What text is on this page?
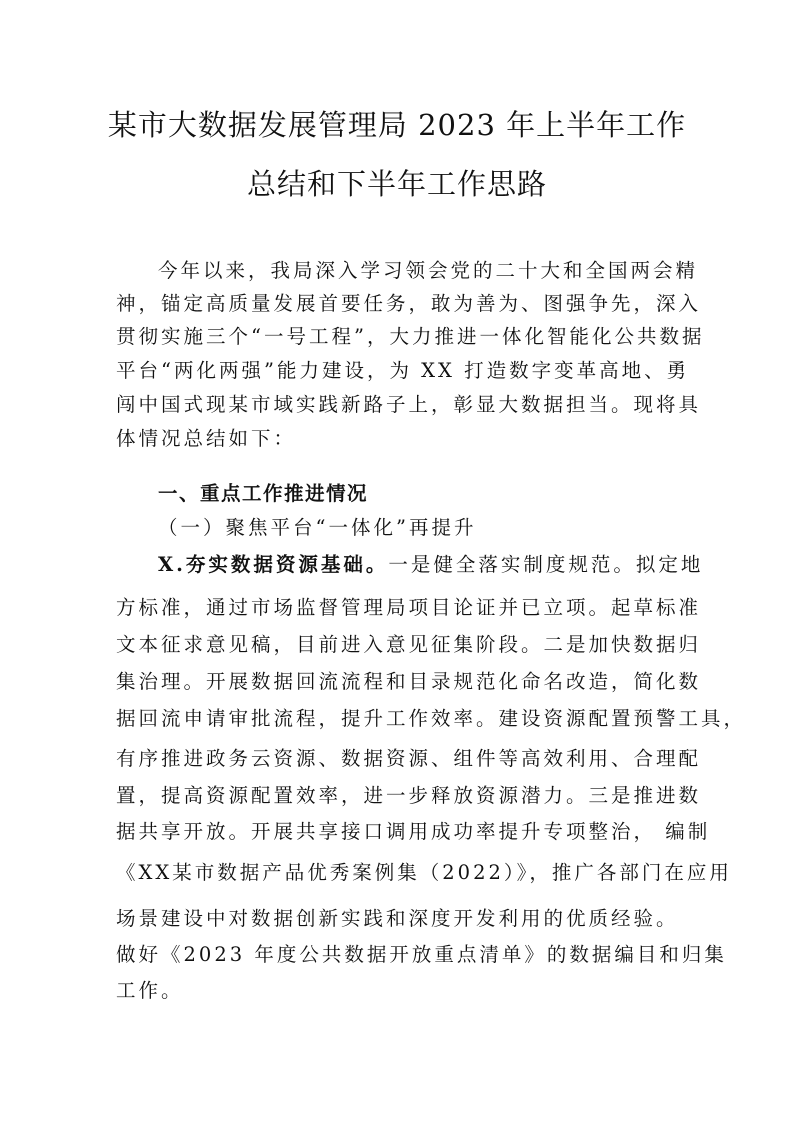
某市大数据发展管理局 2023 年上半年工作
总结和下半年工作思路
今年以来，我局深入学习领会党的二十大和全国两会精
神，锚定高质量发展首要任务，敢为善为、图强争先，深入
贯彻实施三个“一号工程”，大力推进一体化智能化公共数据
平台“两化两强”能力建设，为 XX 打造数字变革高地、勇
闯中国式现某市域实践新路子上，彰显大数据担当。现将具
体情况总结如下：
一、重点工作推进情况
（一）聚焦平台“一体化”再提升
X.夯实数据资源基础。一是健全落实制度规范。拟定地
方标准，通过市场监督管理局项目论证并已立项。起草标准
文本征求意见稿，目前进入意见征集阶段。二是加快数据归
集治理。开展数据回流流程和目录规范化命名改造，简化数
据回流申请审批流程，提升工作效率。建设资源配置预警工具，
有序推进政务云资源、数据资源、组件等高效利用、合理配
置，提高资源配置效率，进一步释放资源潜力。三是推进数
据共享开放。开展共享接口调用成功率提升专项整治， 编制
《XX某市数据产品优秀案例集（2022）》，推广各部门在应用
场景建设中对数据创新实践和深度开发利用的优质经验。
做好《2023 年度公共数据开放重点清单》的数据编目和归集
工作。
